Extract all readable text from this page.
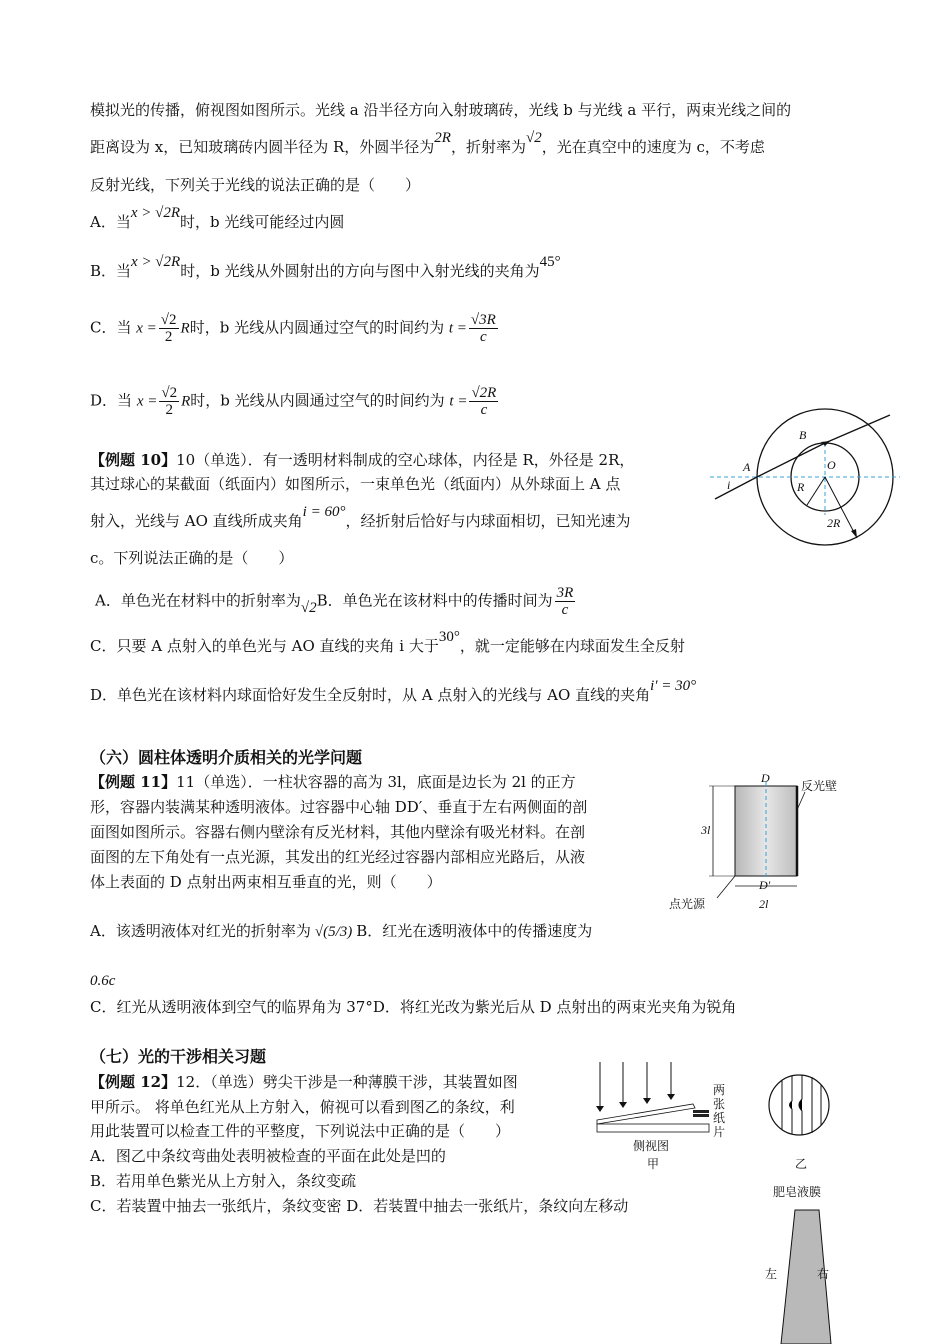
模拟光的传播，俯视图如图所示。光线 a 沿半径方向入射玻璃砖，光线 b 与光线 a 平行，两束光线之间的
距离设为 x，已知玻璃砖内圆半径为 R，外圆半径为2R，折射率为√2，光在真空中的速度为 c，不考虑
反射光线，下列关于光线的说法正确的是（　　）
A．当x > √2R时，b 光线可能经过内圆
B．当x > √2R时，b 光线从外圆射出的方向与图中入射光线的夹角为45°
C．当 $x = \frac{√2}{2}$ R时，b 光线从内圆通过空气的时间约为 $t = \frac{√3R}{c}$
D．当 $x = \frac{√2}{2}$ R时，b 光线从内圆通过空气的时间约为 $t = \frac{√2R}{c}$
【例题 10】10（单选）．有一透明材料制成的空心球体，内径是 R，外径是 2R，
其过球心的某截面（纸面内）如图所示，一束单色光（纸面内）从外球面上 A 点
射入，光线与 AO 直线所成夹角i = 60°，经折射后恰好与内球面相切，已知光速为
c。下列说法正确的是（　　）
A．单色光在材料中的折射率为√2B．单色光在该材料中的传播时间为 $\frac{3R}{c}$
C．只要 A 点射入的单色光与 AO 直线的夹角 i 大于30°，就一定能够在内球面发生全反射
D．单色光在该材料内球面恰好发生全反射时，从 A 点射入的光线与 AO 直线的夹角i′ = 30°
A
B
O
R
2R
i
（六）圆柱体透明介质相关的光学问题
【例题 11】11（单选）．一柱状容器的高为 3l，底面是边长为 2l 的正方
形，容器内装满某种透明液体。过容器中心轴 DD′、垂直于左右两侧面的剖
面图如图所示。容器右侧内壁涂有反光材料，其他内壁涂有吸光材料。在剖
面图的左下角处有一点光源，其发出的红光经过容器内部相应光路后，从液
体上表面的 D 点射出两束相互垂直的光，则（　　）
A．该透明液体对红光的折射率为 √(5/3) B．红光在透明液体中的传播速度为
0.6c
C．红光从透明液体到空气的临界角为 37°D．将红光改为紫光后从 D 点射出的两束光夹角为锐角
D
D′
反光壁
3l
2l
点光源
（七）光的干涉相关习题
【例题 12】12．（单选）劈尖干涉是一种薄膜干涉，其装置如图
甲所示。 将单色红光从上方射入，俯视可以看到图乙的条纹，利
用此装置可以检查工件的平整度，下列说法中正确的是（　　）
A．图乙中条纹弯曲处表明被检查的平面在此处是凹的
B．若用单色紫光从上方射入，条纹变疏
C．若装置中抽去一张纸片，条纹变密 D．若装置中抽去一张纸片，条纹向左移动
侧视图
甲
两
张
纸
片
乙
肥皂液膜
左	右
